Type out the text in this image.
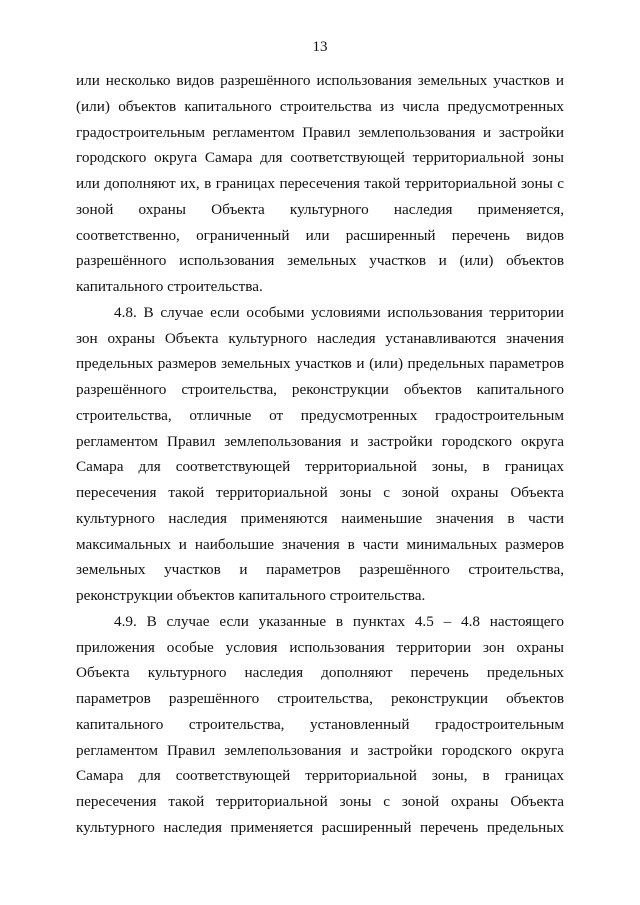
13
или несколько видов разрешённого использования земельных участков и
(или) объектов капитального строительства из числа предусмотренных
градостроительным регламентом Правил землепользования и застройки
городского округа Самара для соответствующей территориальной зоны
или дополняют их, в границах пересечения такой территориальной зоны с
зоной охраны Объекта культурного наследия применяется,
соответственно, ограниченный или расширенный перечень видов
разрешённого использования земельных участков и (или) объектов
капитального строительства.
4.8. В случае если особыми условиями использования территории
зон охраны Объекта культурного наследия устанавливаются значения
предельных размеров земельных участков и (или) предельных параметров
разрешённого строительства, реконструкции объектов капитального
строительства, отличные от предусмотренных градостроительным
регламентом Правил землепользования и застройки городского округа
Самара для соответствующей территориальной зоны, в границах
пересечения такой территориальной зоны с зоной охраны Объекта
культурного наследия применяются наименьшие значения в части
максимальных и наибольшие значения в части минимальных размеров
земельных участков и параметров разрешённого строительства,
реконструкции объектов капитального строительства.
4.9. В случае если указанные в пунктах 4.5 – 4.8 настоящего
приложения особые условия использования территории зон охраны
Объекта культурного наследия дополняют перечень предельных
параметров разрешённого строительства, реконструкции объектов
капитального строительства, установленный градостроительным
регламентом Правил землепользования и застройки городского округа
Самара для соответствующей территориальной зоны, в границах
пересечения такой территориальной зоны с зоной охраны Объекта
культурного наследия применяется расширенный перечень предельных
